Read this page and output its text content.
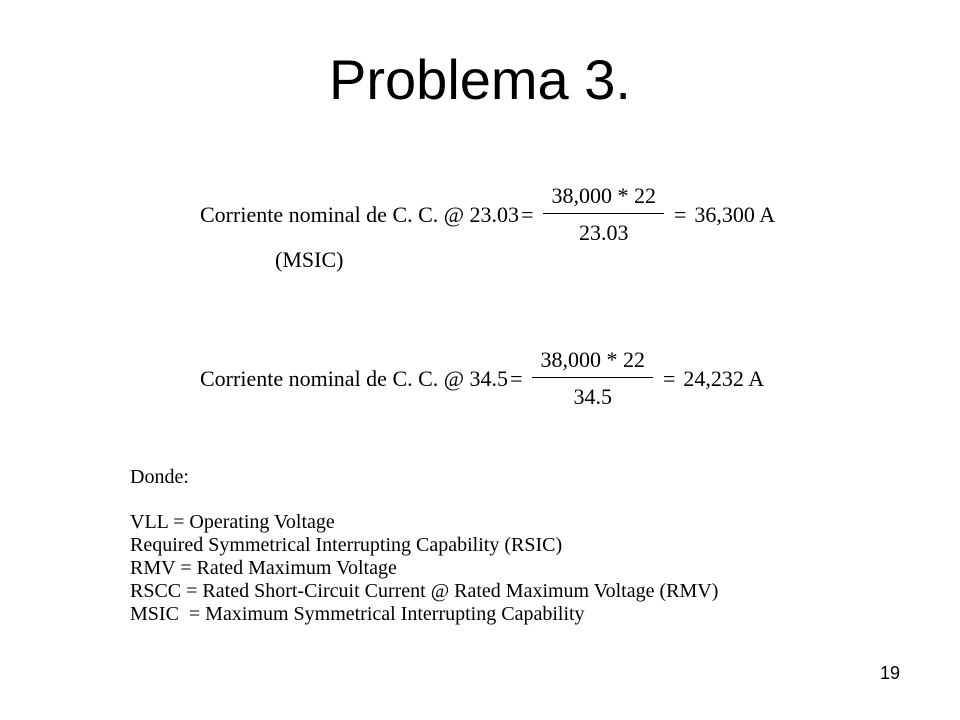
Problema 3.
Corriente nominal de C. C. @ $23.03 = \frac{38,000 * 22}{23.03} = 36,300$ A
(MSIC)
Corriente nominal de C. C. @ $34.5 = \frac{38,000 * 22}{34.5} = 24,232$ A
Donde:
VLL = Operating Voltage
Required Symmetrical Interrupting Capability (RSIC)
RMV = Rated Maximum Voltage
RSCC = Rated Short-Circuit Current @ Rated Maximum Voltage (RMV)
MSIC  = Maximum Symmetrical Interrupting Capability
19
